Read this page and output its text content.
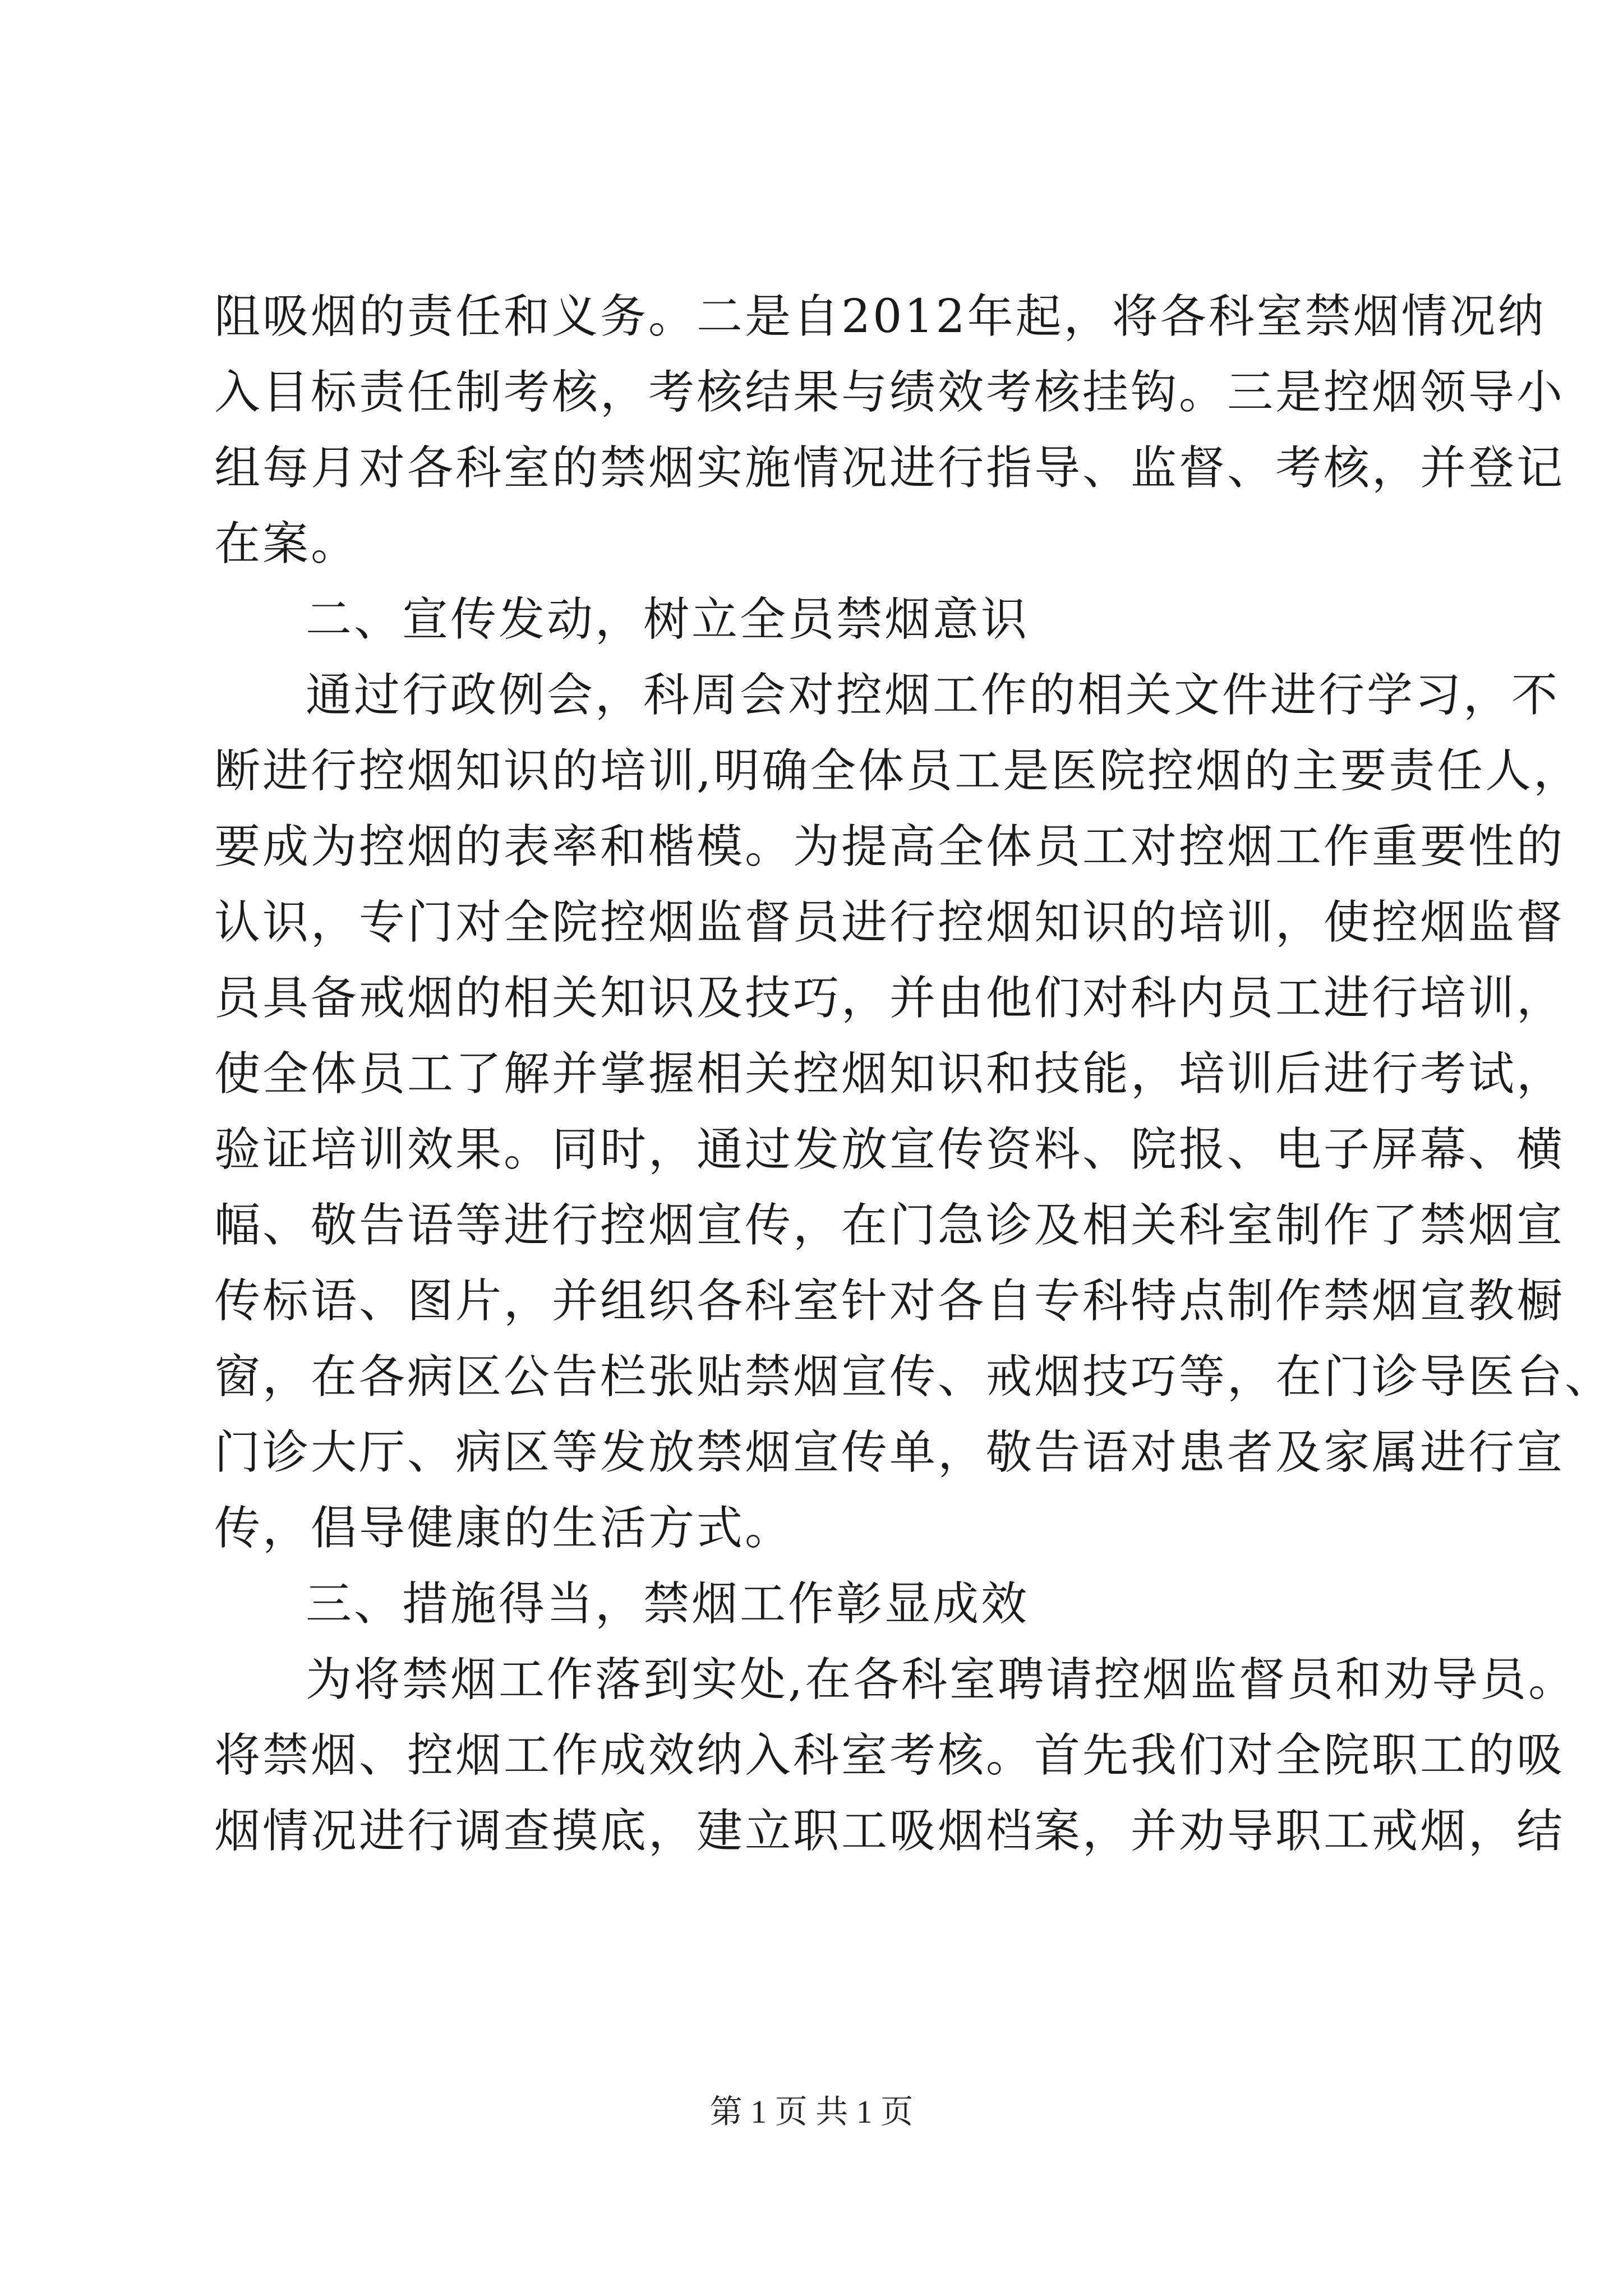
阻吸烟的责任和义务。二是自2012年起，将各科室禁烟情况纳
入目标责任制考核，考核结果与绩效考核挂钩。三是控烟领导小
组每月对各科室的禁烟实施情况进行指导、监督、考核，并登记
在案。
二、宣传发动，树立全员禁烟意识
通过行政例会，科周会对控烟工作的相关文件进行学习，不
断进行控烟知识的培训,明确全体员工是医院控烟的主要责任人，
要成为控烟的表率和楷模。为提高全体员工对控烟工作重要性的
认识，专门对全院控烟监督员进行控烟知识的培训，使控烟监督
员具备戒烟的相关知识及技巧，并由他们对科内员工进行培训，
使全体员工了解并掌握相关控烟知识和技能，培训后进行考试，
验证培训效果。同时，通过发放宣传资料、院报、电子屏幕、横
幅、敬告语等进行控烟宣传，在门急诊及相关科室制作了禁烟宣
传标语、图片，并组织各科室针对各自专科特点制作禁烟宣教橱
窗，在各病区公告栏张贴禁烟宣传、戒烟技巧等，在门诊导医台、
门诊大厅、病区等发放禁烟宣传单，敬告语对患者及家属进行宣
传，倡导健康的生活方式。
三、措施得当，禁烟工作彰显成效
为将禁烟工作落到实处,在各科室聘请控烟监督员和劝导员。
将禁烟、控烟工作成效纳入科室考核。首先我们对全院职工的吸
烟情况进行调查摸底，建立职工吸烟档案，并劝导职工戒烟，结
第 1 页 共 1 页
